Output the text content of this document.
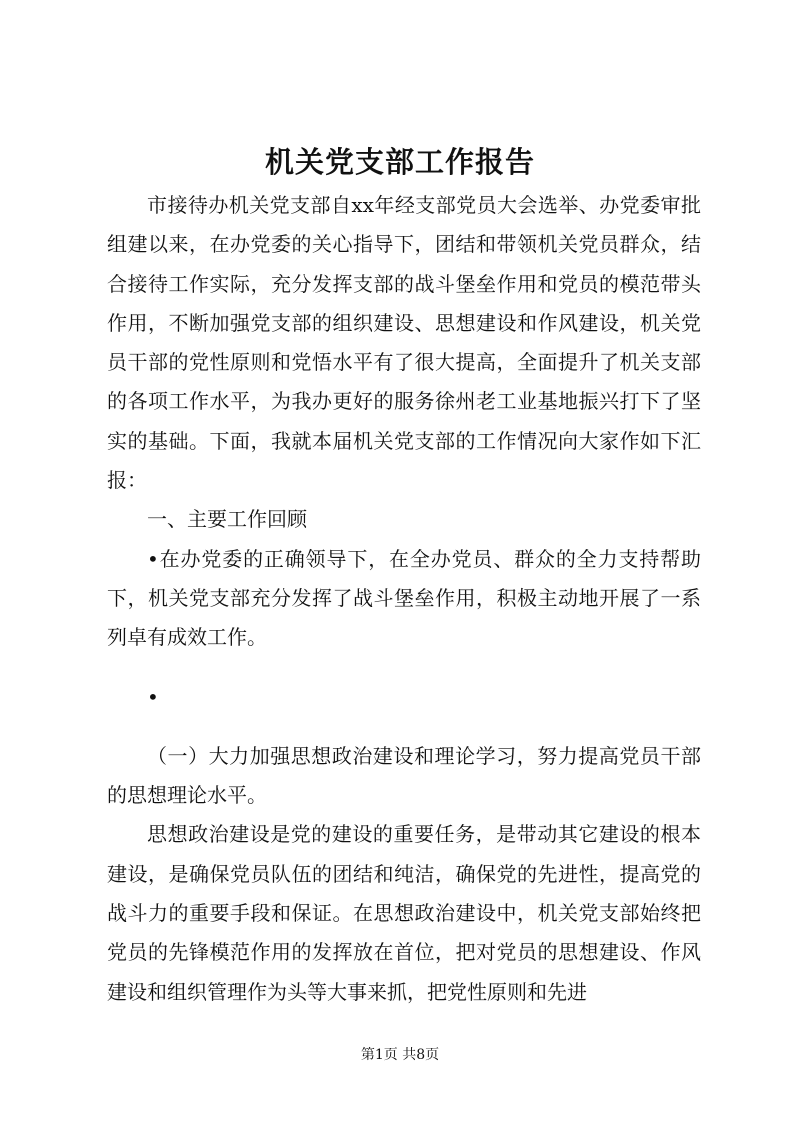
机关党支部工作报告

市接待办机关党支部自xx年经支部党员大会选举、办党委审批组建以来，在办党委的关心指导下，团结和带领机关党员群众，结合接待工作实际，充分发挥支部的战斗堡垒作用和党员的模范带头作用，不断加强党支部的组织建设、思想建设和作风建设，机关党员干部的党性原则和党悟水平有了很大提高，全面提升了机关支部的各项工作水平，为我办更好的服务徐州老工业基地振兴打下了坚实的基础。下面，我就本届机关党支部的工作情况向大家作如下汇报：

一、主要工作回顾

•在办党委的正确领导下，在全办党员、群众的全力支持帮助下，机关党支部充分发挥了战斗堡垒作用，积极主动地开展了一系列卓有成效工作。

•

（一）大力加强思想政治建设和理论学习，努力提高党员干部的思想理论水平。

思想政治建设是党的建设的重要任务，是带动其它建设的根本建设，是确保党员队伍的团结和纯洁，确保党的先进性，提高党的战斗力的重要手段和保证。在思想政治建设中，机关党支部始终把党员的先锋模范作用的发挥放在首位，把对党员的思想建设、作风建设和组织管理作为头等大事来抓，把党性原则和先进

第1页 共8页
